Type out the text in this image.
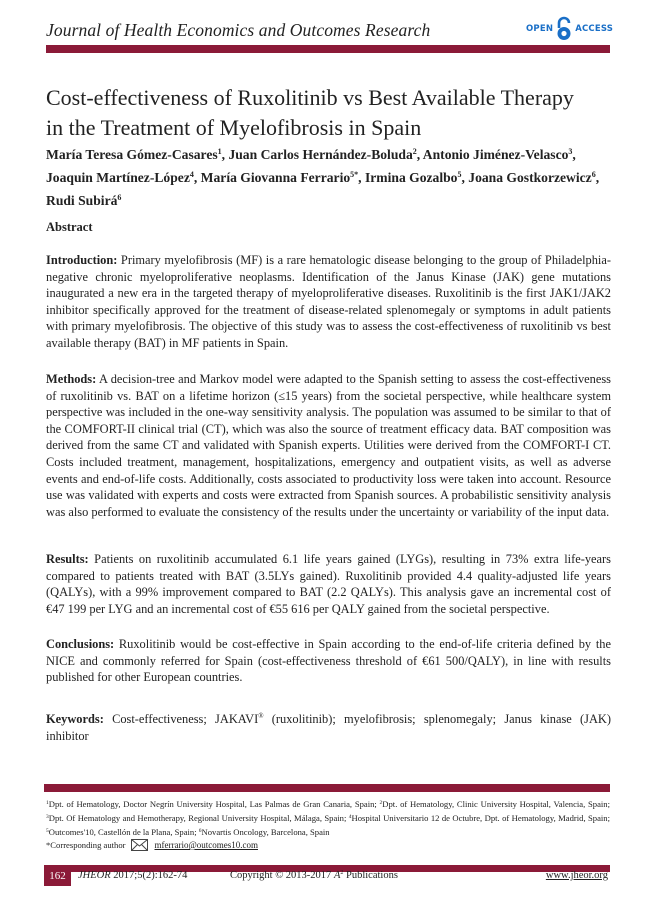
Journal of Health Economics and Outcomes Research	OPEN	ACCESS
Cost-effectiveness of Ruxolitinib vs Best Available Therapy
in the Treatment of Myelofibrosis in Spain
María Teresa Gómez-Casares$^1$, Juan Carlos Hernández-Boluda$^2$, Antonio Jiménez-Velasco$^3$, Joaquin Martínez-López$^4$, María Giovanna Ferrario$^{5*}$, Irmina Gozalbo$^5$, Joana Gostkorzewicz$^6$, Rudi Subirá$^6$
Abstract

Introduction: Primary myelofibrosis (MF) is a rare hematologic disease belonging to the group of Philadelphia-negative chronic myeloproliferative neoplasms. Identification of the Janus Kinase (JAK) gene mutations inaugurated a new era in the targeted therapy of myeloproliferative diseases. Ruxolitinib is the first JAK1/JAK2 inhibitor specifically approved for the treatment of disease-related splenomegaly or symptoms in adult patients with primary myelofibrosis. The objective of this study was to assess the cost-effectiveness of ruxolitinib vs best available therapy (BAT) in MF patients in Spain.

Methods: A decision-tree and Markov model were adapted to the Spanish setting to assess the cost-effectiveness of ruxolitinib vs. BAT on a lifetime horizon (≤15 years) from the societal perspective, while healthcare system perspective was included in the one-way sensitivity analysis. The population was assumed to be similar to that of the COMFORT-II clinical trial (CT), which was also the source of treatment efficacy data. BAT composition was derived from the same CT and validated with Spanish experts. Utilities were derived from the COMFORT-I CT. Costs included treatment, management, hospitalizations, emergency and outpatient visits, as well as adverse events and end-of-life costs. Additionally, costs associated to productivity loss were taken into account. Resource use was validated with experts and costs were extracted from Spanish sources. A probabilistic sensitivity analysis was also performed to evaluate the consistency of the results under the uncertainty or variability of the input data.

Results: Patients on ruxolitinib accumulated 6.1 life years gained (LYGs), resulting in 73% extra life-years compared to patients treated with BAT (3.5LYs gained). Ruxolitinib provided 4.4 quality-adjusted life years (QALYs), with a 99% improvement compared to BAT (2.2 QALYs). This analysis gave an incremental cost of €47 199 per LYG and an incremental cost of €55 616 per QALY gained from the societal perspective.

Conclusions: Ruxolitinib would be cost-effective in Spain according to the end-of-life criteria defined by the NICE and commonly referred for Spain (cost-effectiveness threshold of €61 500/QALY), in line with results published for other European countries.

Keywords: Cost-effectiveness; JAKAVI® (ruxolitinib); myelofibrosis; splenomegaly; Janus kinase (JAK) inhibitor

$^1$Dpt. of Hematology, Doctor Negrín University Hospital, Las Palmas de Gran Canaria, Spain; $^2$Dpt. of Hematology, Clinic University Hospital, Valencia, Spain; $^3$Dpt. Of Hematology and Hemotherapy, Regional University Hospital, Málaga, Spain; $^4$Hospital Universitario 12 de Octubre, Dpt. of Hematology, Madrid, Spain; $^5$Outcomes'10, Castellón de la Plana, Spain; $^6$Novartis Oncology, Barcelona, Spain
*Corresponding author	mferrario@outcomes10.com
162	JHEOR 2017;5(2):162-74	Copyright © 2013-2017 $A^2$ Publications	www.jheor.org
